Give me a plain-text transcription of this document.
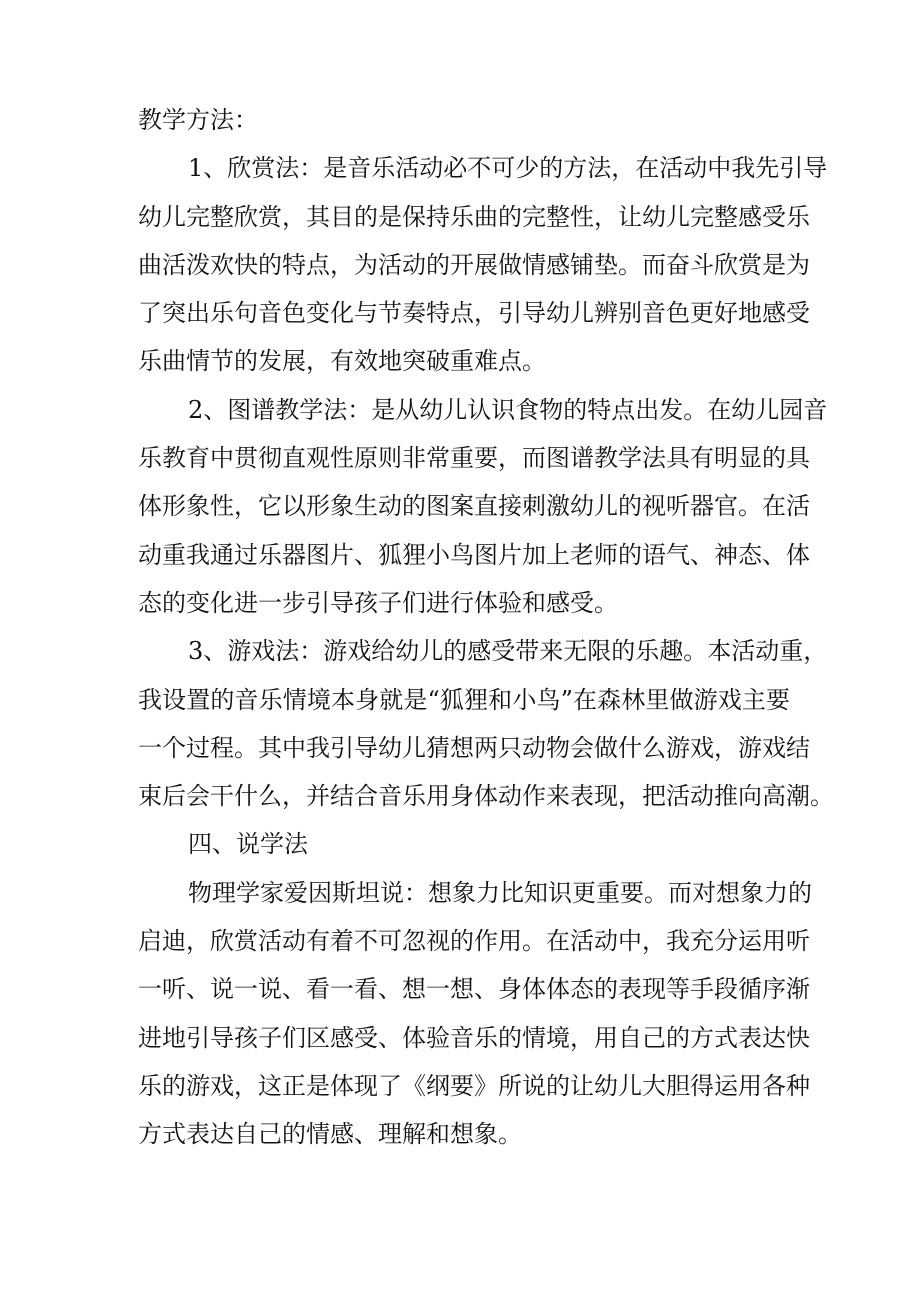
教学方法：
1、欣赏法：是音乐活动必不可少的方法，在活动中我先引导
幼儿完整欣赏，其目的是保持乐曲的完整性，让幼儿完整感受乐
曲活泼欢快的特点，为活动的开展做情感铺垫。而奋斗欣赏是为
了突出乐句音色变化与节奏特点，引导幼儿辨别音色更好地感受
乐曲情节的发展，有效地突破重难点。
2、图谱教学法：是从幼儿认识食物的特点出发。在幼儿园音
乐教育中贯彻直观性原则非常重要，而图谱教学法具有明显的具
体形象性，它以形象生动的图案直接刺激幼儿的视听器官。在活
动重我通过乐器图片、狐狸小鸟图片加上老师的语气、神态、体
态的变化进一步引导孩子们进行体验和感受。
3、游戏法：游戏给幼儿的感受带来无限的乐趣。本活动重，
我设置的音乐情境本身就是“狐狸和小鸟”在森林里做游戏主要
一个过程。其中我引导幼儿猜想两只动物会做什么游戏，游戏结
束后会干什么，并结合音乐用身体动作来表现，把活动推向高潮。
四、说学法
物理学家爱因斯坦说：想象力比知识更重要。而对想象力的
启迪，欣赏活动有着不可忽视的作用。在活动中，我充分运用听
一听、说一说、看一看、想一想、身体体态的表现等手段循序渐
进地引导孩子们区感受、体验音乐的情境，用自己的方式表达快
乐的游戏，这正是体现了《纲要》所说的让幼儿大胆得运用各种
方式表达自己的情感、理解和想象。
